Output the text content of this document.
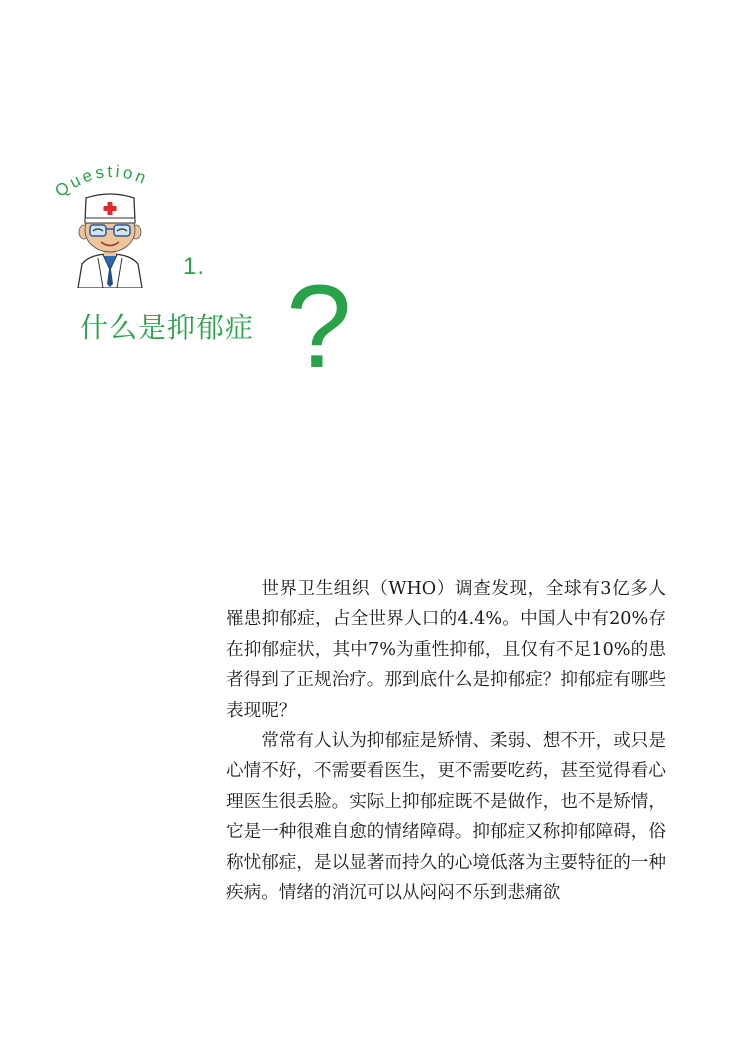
Question
1.
什么是抑郁症 ?

世界卫生组织（WHO）调查发现，全球有3亿多人罹患抑郁症，占全世界人口的4.4%。中国人中有20%存在抑郁症状，其中7%为重性抑郁，且仅有不足10%的患者得到了正规治疗。那到底什么是抑郁症？抑郁症有哪些表现呢？

常常有人认为抑郁症是矫情、柔弱、想不开，或只是心情不好，不需要看医生，更不需要吃药，甚至觉得看心理医生很丢脸。实际上抑郁症既不是做作，也不是矫情，它是一种很难自愈的情绪障碍。抑郁症又称抑郁障碍，俗称忧郁症，是以显著而持久的心境低落为主要特征的一种疾病。情绪的消沉可以从闷闷不乐到悲痛欲
